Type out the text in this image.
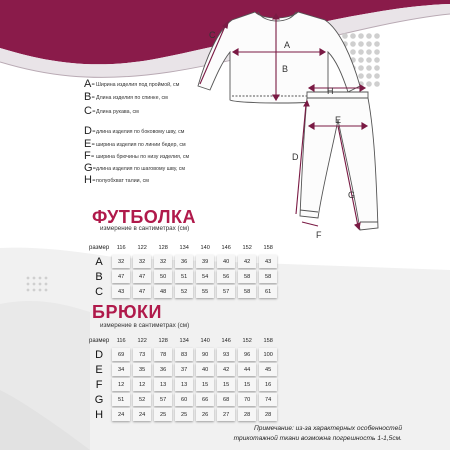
A
B
C
H
E
D
G
F
A- Ширина изделия под проймой, см
B- Длина изделия по спинке, см
C- Длина рукава, см
D- длина изделия по боковому шву, см
E- ширина изделия по линии бедер, см
F- ширина брючины по низу изделия, см
G- длина изделия по шаговому шву, см
H- полуобхват талии, см
ФУТБОЛКА
измерение в сантиметрах (см)
размер	116	122	128	134	140	146	152	158
A	32	32	32	36	39	40	42	43
B	47	47	50	51	54	56	58	58
C	43	47	48	52	55	57	58	61
БРЮКИ
измерение в сантиметрах (см)
размер	116	122	128	134	140	146	152	158
D	69	73	78	83	90	93	96	100
E	34	35	36	37	40	42	44	45
F	12	12	13	13	15	15	15	16
G	51	52	57	60	66	68	70	74
H	24	24	25	25	26	27	28	28
Примечание: из-за характерных особенностей
трикотажной ткани возможна погрешность 1-1,5см.
